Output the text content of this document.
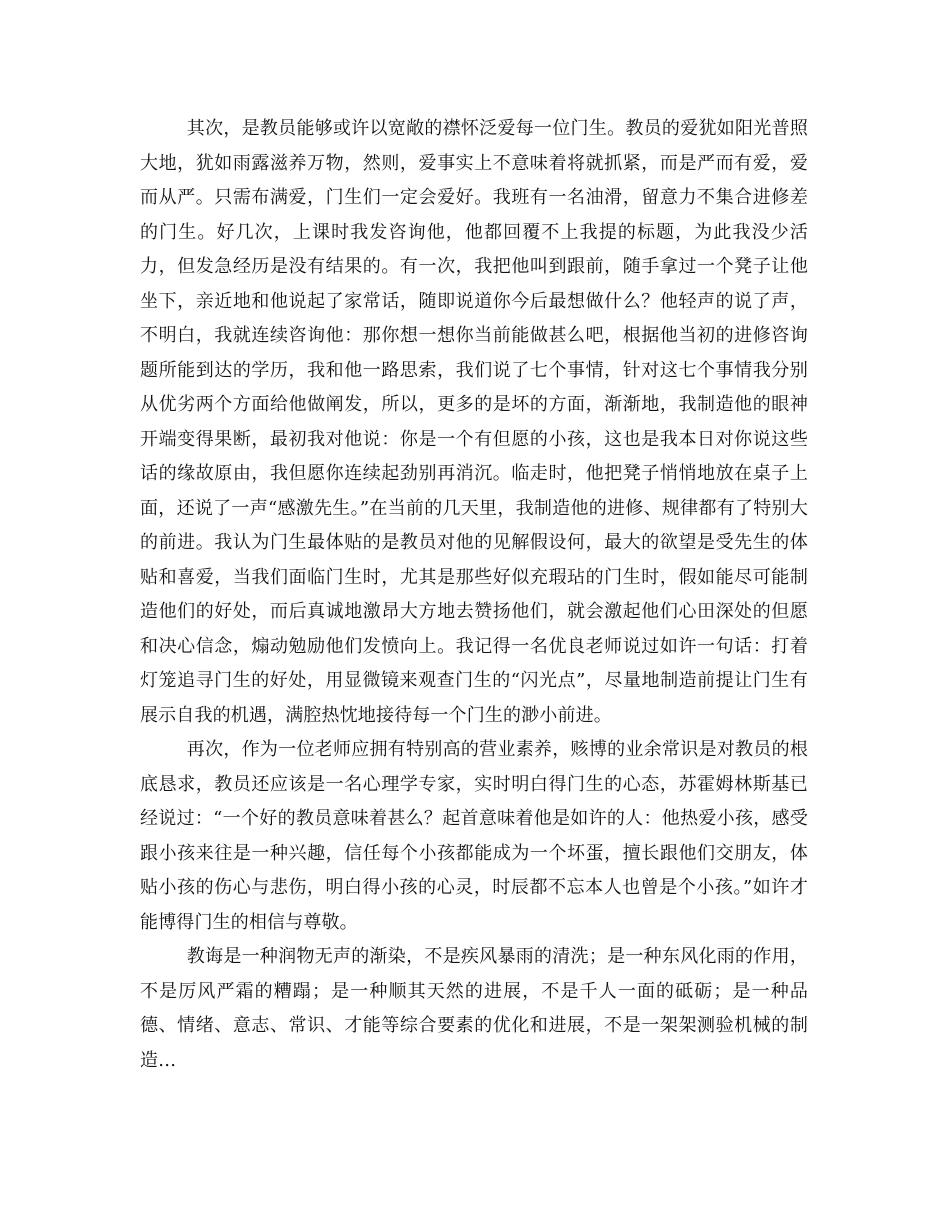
其次，是教员能够或许以宽敞的襟怀泛爱每一位门生。教员的爱犹如阳光普照大地，犹如雨露滋养万物，然则，爱事实上不意味着将就抓紧，而是严而有爱，爱而从严。只需布满爱，门生们一定会爱好。我班有一名油滑，留意力不集合进修差的门生。好几次，上课时我发咨询他，他都回覆不上我提的标题，为此我没少活力，但发急经历是没有结果的。有一次，我把他叫到跟前，随手拿过一个凳子让他坐下，亲近地和他说起了家常话，随即说道你今后最想做什么？他轻声的说了声，不明白，我就连续咨询他：那你想一想你当前能做甚么吧，根据他当初的进修咨询题所能到达的学历，我和他一路思索，我们说了七个事情，针对这七个事情我分别从优劣两个方面给他做阐发，所以，更多的是坏的方面，渐渐地，我制造他的眼神开端变得果断，最初我对他说：你是一个有但愿的小孩，这也是我本日对你说这些话的缘故原由，我但愿你连续起劲别再消沉。临走时，他把凳子悄悄地放在桌子上面，还说了一声“感激先生。”在当前的几天里，我制造他的进修、规律都有了特别大的前进。我认为门生最体贴的是教员对他的见解假设何，最大的欲望是受先生的体贴和喜爱，当我们面临门生时，尤其是那些好似充瑕玷的门生时，假如能尽可能制造他们的好处，而后真诚地激昂大方地去赞扬他们，就会激起他们心田深处的但愿和决心信念，煽动勉励他们发愤向上。我记得一名优良老师说过如许一句话：打着灯笼追寻门生的好处，用显微镜来观查门生的“闪光点”，尽量地制造前提让门生有展示自我的机遇，满腔热忱地接待每一个门生的渺小前进。

再次，作为一位老师应拥有特别高的营业素养，赅博的业余常识是对教员的根底恳求，教员还应该是一名心理学专家，实时明白得门生的心态，苏霍姆林斯基已经说过：“一个好的教员意味着甚么？起首意味着他是如许的人：他热爱小孩，感受跟小孩来往是一种兴趣，信任每个小孩都能成为一个坏蛋，擅长跟他们交朋友，体贴小孩的伤心与悲伤，明白得小孩的心灵，时辰都不忘本人也曾是个小孩。”如许才能博得门生的相信与尊敬。

教诲是一种润物无声的渐染，不是疾风暴雨的清洗；是一种东风化雨的作用，不是厉风严霜的糟蹋；是一种顺其天然的进展，不是千人一面的砥砺；是一种品德、情绪、意志、常识、才能等综合要素的优化和进展，不是一架架测验机械的制造…
